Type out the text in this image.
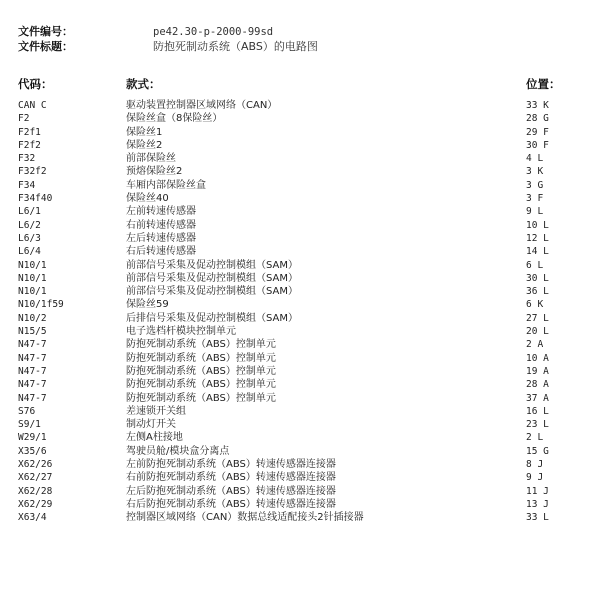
文件编号：	pe42.30-p-2000-99sd
文件标题：	防抱死制动系统（ABS）的电路图
代码：	款式：	位置：
CAN C	驱动装置控制器区域网络（CAN）	33 K
F2	保险丝盒（8保险丝）	28 G
F2f1	保险丝1	29 F
F2f2	保险丝2	30 F
F32	前部保险丝	4 L
F32f2	预熔保险丝2	3 K
F34	车厢内部保险丝盒	3 G
F34f40	保险丝40	3 F
L6/1	左前转速传感器	9 L
L6/2	右前转速传感器	10 L
L6/3	左后转速传感器	12 L
L6/4	右后转速传感器	14 L
N10/1	前部信号采集及促动控制模组（SAM）	6 L
N10/1	前部信号采集及促动控制模组（SAM）	30 L
N10/1	前部信号采集及促动控制模组（SAM）	36 L
N10/1f59	保险丝59	6 K
N10/2	后排信号采集及促动控制模组（SAM）	27 L
N15/5	电子选档杆模块控制单元	20 L
N47-7	防抱死制动系统（ABS）控制单元	2 A
N47-7	防抱死制动系统（ABS）控制单元	10 A
N47-7	防抱死制动系统（ABS）控制单元	19 A
N47-7	防抱死制动系统（ABS）控制单元	28 A
N47-7	防抱死制动系统（ABS）控制单元	37 A
S76	差速锁开关组	16 L
S9/1	制动灯开关	23 L
W29/1	左侧A柱接地	2 L
X35/6	驾驶员舱/模块盒分离点	15 G
X62/26	左前防抱死制动系统（ABS）转速传感器连接器	8 J
X62/27	右前防抱死制动系统（ABS）转速传感器连接器	9 J
X62/28	左后防抱死制动系统（ABS）转速传感器连接器	11 J
X62/29	右后防抱死制动系统（ABS）转速传感器连接器	13 J
X63/4	控制器区域网络（CAN）数据总线适配接头2针插接器	33 L
